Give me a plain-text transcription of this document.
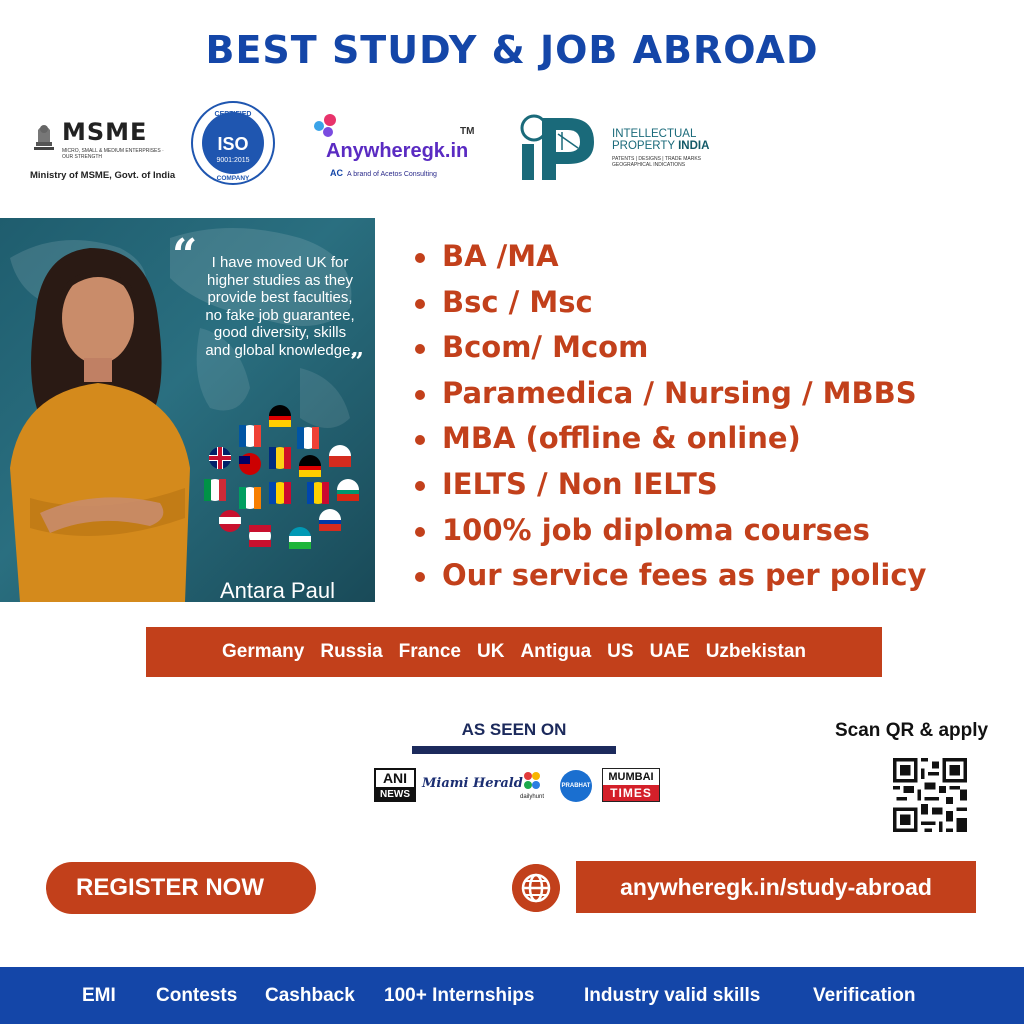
BEST STUDY & JOB ABROAD
MSME
MICRO, SMALL & MEDIUM ENTERPRISES · OUR STRENGTH
Ministry of MSME, Govt. of India
CERTIFIED
ISO
9001:2015
COMPANY
Anywheregk.in
TM
AC A brand of Acetos Consulting
INTELLECTUAL
PROPERTY INDIA
PATENTS | DESIGNS | TRADE MARKS GEOGRAPHICAL INDICATIONS
“ I have moved UK for higher studies as they provide best faculties, no fake job guarantee, good diversity, skills and global knowledge.
”
Antara Paul
BA /MA
Bsc / Msc
Bcom/ Mcom
Paramedica / Nursing / MBBS
MBA (offline & online)
IELTS / Non IELTS
100% job diploma courses
Our service fees as per policy
Germany Russia France UK Antigua US UAE Uzbekistan
AS SEEN ON
ANI
NEWS
Miami Herald
dailyhunt
PRABHAT
MUMBAI
TIMES
Scan QR & apply
REGISTER NOW	anywheregk.in/study-abroad
EMI Contests Cashback 100+ Internships	Industry valid skills	Verification
